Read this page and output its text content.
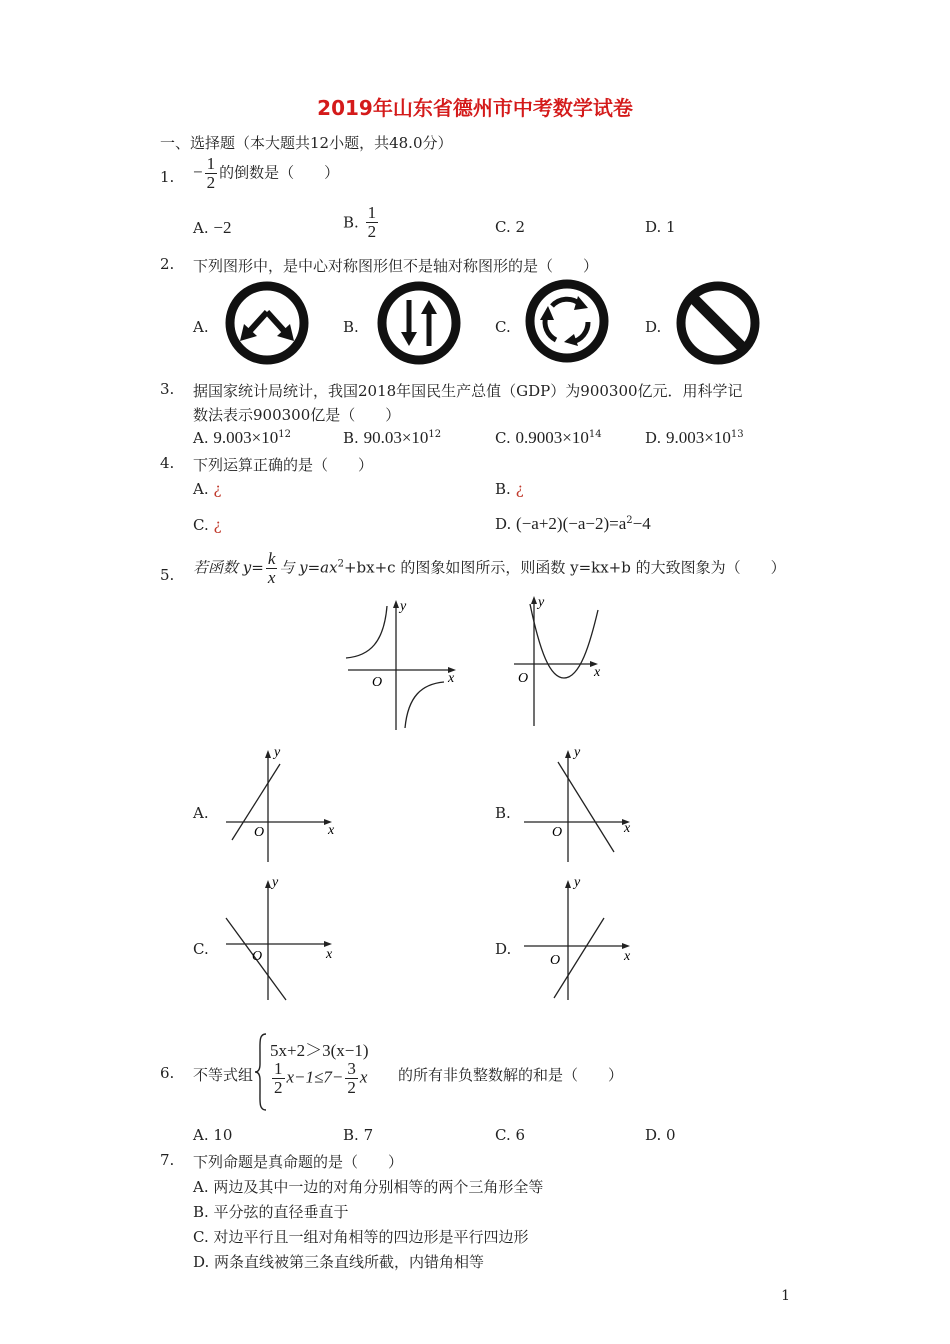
2019年山东省德州市中考数学试卷
一、选择题（本大题共12小题，共48.0分）
1. − $\frac{1}{2}$ 的倒数是（　　）
A. −2	B. $\frac{1}{2}$	C. 2	D. 1
2. 下列图形中，是中心对称图形但不是轴对称图形的是（　　）
A.	B.	C.	D.
3. 据国家统计局统计，我国2018年国民生产总值（GDP）为900300亿元．用科学记
数法表示900300亿是（　　）
A. $9.003\times 10^{12}$	B. $90.03\times 10^{12}$	C. $0.9003\times 10^{14}$	D. $9.003\times 10^{13}$
4. 下列运算正确的是（　　）
A. ¿	B. ¿
C. ¿	D. $(-a+2)(-a-2)=a^2-4$
5. 若函数 $y= \frac{k}{x}$ 与 $y=ax^2+bx+c$ 的图象如图所示，则函数 y=kx+b 的大致图象为（　　）
O	x
y
O	x
y
A.
O	x
y
B.
O	x
y
C.	O	x
y
D.
O	x
y
6. 不等式组
5x+2＞3(x−1)
$\frac{1}{2} x-1\le 7- \frac{3}{2}$ x 的所有非负整数解的和是（　　）
A. 10	B. 7	C. 6	D. 0
7. 下列命题是真命题的是（　　）
A. 两边及其中一边的对角分别相等的两个三角形全等
B. 平分弦的直径垂直于
C. 对边平行且一组对角相等的四边形是平行四边形
D. 两条直线被第三条直线所截，内错角相等
1
